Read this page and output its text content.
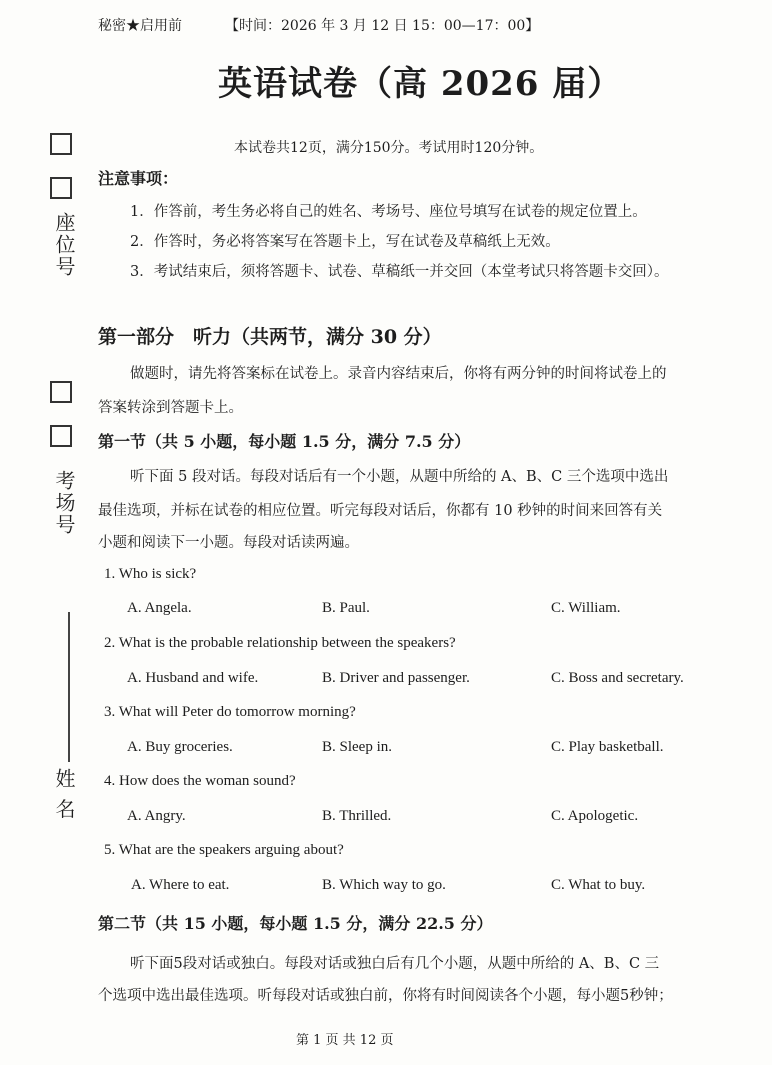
秘密★启用前	【时间：2026 年 3 月 12 日 15：00—17：00】
英语试卷（高 2026 届）
本试卷共12页，满分150分。考试用时120分钟。
注意事项：
1．作答前，考生务必将自己的姓名、考场号、座位号填写在试卷的规定位置上。
2．作答时，务必将答案写在答题卡上，写在试卷及草稿纸上无效。
3．考试结束后，须将答题卡、试卷、草稿纸一并交回（本堂考试只将答题卡交回）。
座位号
考场号
姓 名
第一部分　听力（共两节，满分 30 分）
做题时，请先将答案标在试卷上。录音内容结束后，你将有两分钟的时间将试卷上的
答案转涂到答题卡上。
第一节（共 5 小题，每小题 1.5 分，满分 7.5 分）
听下面 5 段对话。每段对话后有一个小题，从题中所给的 A、B、C 三个选项中选出
最佳选项，并标在试卷的相应位置。听完每段对话后，你都有 10 秒钟的时间来回答有关
小题和阅读下一小题。每段对话读两遍。
1. Who is sick?
A. Angela.	B. Paul.	C. William.
2. What is the probable relationship between the speakers?
A. Husband and wife.	B. Driver and passenger.	C. Boss and secretary.
3. What will Peter do tomorrow morning?
A. Buy groceries.	B. Sleep in.	C. Play basketball.
4. How does the woman sound?
A. Angry.	B. Thrilled.	C. Apologetic.
5. What are the speakers arguing about?
A. Where to eat.	B. Which way to go.	C. What to buy.
第二节（共 15 小题，每小题 1.5 分，满分 22.5 分）
听下面5段对话或独白。每段对话或独白后有几个小题，从题中所给的 A、B、C 三
个选项中选出最佳选项。听每段对话或独白前，你将有时间阅读各个小题，每小题5秒钟；
第 1 页 共 12 页
